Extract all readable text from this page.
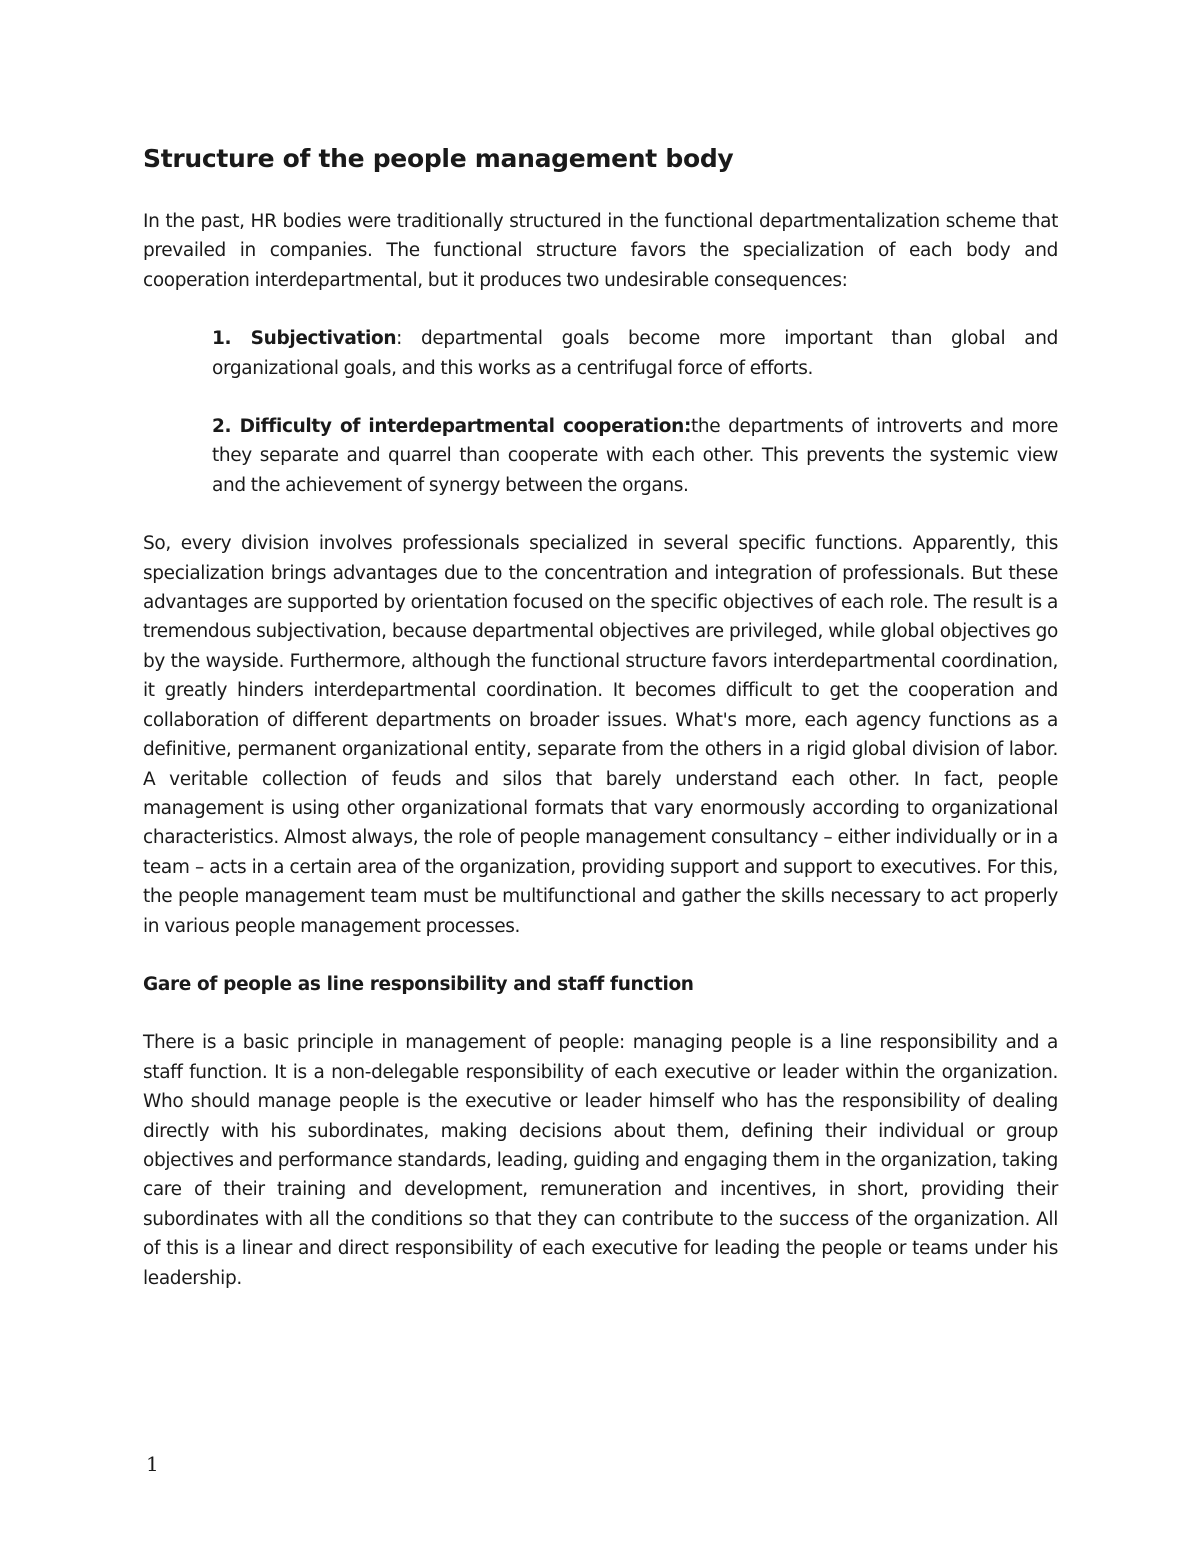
Structure of the people management body

In the past, HR bodies were traditionally structured in the functional departmentalization scheme that prevailed in companies. The functional structure favors the specialization of each body and cooperation interdepartmental, but it produces two undesirable consequences:

1. Subjectivation: departmental goals become more important than global and organizational goals, and this works as a centrifugal force of efforts.

2. Difficulty of interdepartmental cooperation:the departments of introverts and more they separate and quarrel than cooperate with each other. This prevents the systemic view and the achievement of synergy between the organs.

So, every division involves professionals specialized in several specific functions. Apparently, this specialization brings advantages due to the concentration and integration of professionals. But these advantages are supported by orientation focused on the specific objectives of each role. The result is a tremendous subjectivation, because departmental objectives are privileged, while global objectives go by the wayside. Furthermore, although the functional structure favors interdepartmental coordination, it greatly hinders interdepartmental coordination. It becomes difficult to get the cooperation and collaboration of different departments on broader issues. What's more, each agency functions as a definitive, permanent organizational entity, separate from the others in a rigid global division of labor. A veritable collection of feuds and silos that barely understand each other. In fact, people management is using other organizational formats that vary enormously according to organizational characteristics. Almost always, the role of people management consultancy – either individually or in a team – acts in a certain area of the organization, providing support and support to executives. For this, the people management team must be multifunctional and gather the skills necessary to act properly in various people management processes.

Gare of people as line responsibility and staff function

There is a basic principle in management of people: managing people is a line responsibility and a staff function. It is a non-delegable responsibility of each executive or leader within the organization. Who should manage people is the executive or leader himself who has the responsibility of dealing directly with his subordinates, making decisions about them, defining their individual or group objectives and performance standards, leading, guiding and engaging them in the organization, taking care of their training and development, remuneration and incentives, in short, providing their subordinates with all the conditions so that they can contribute to the success of the organization. All of this is a linear and direct responsibility of each executive for leading the people or teams under his leadership.

1
